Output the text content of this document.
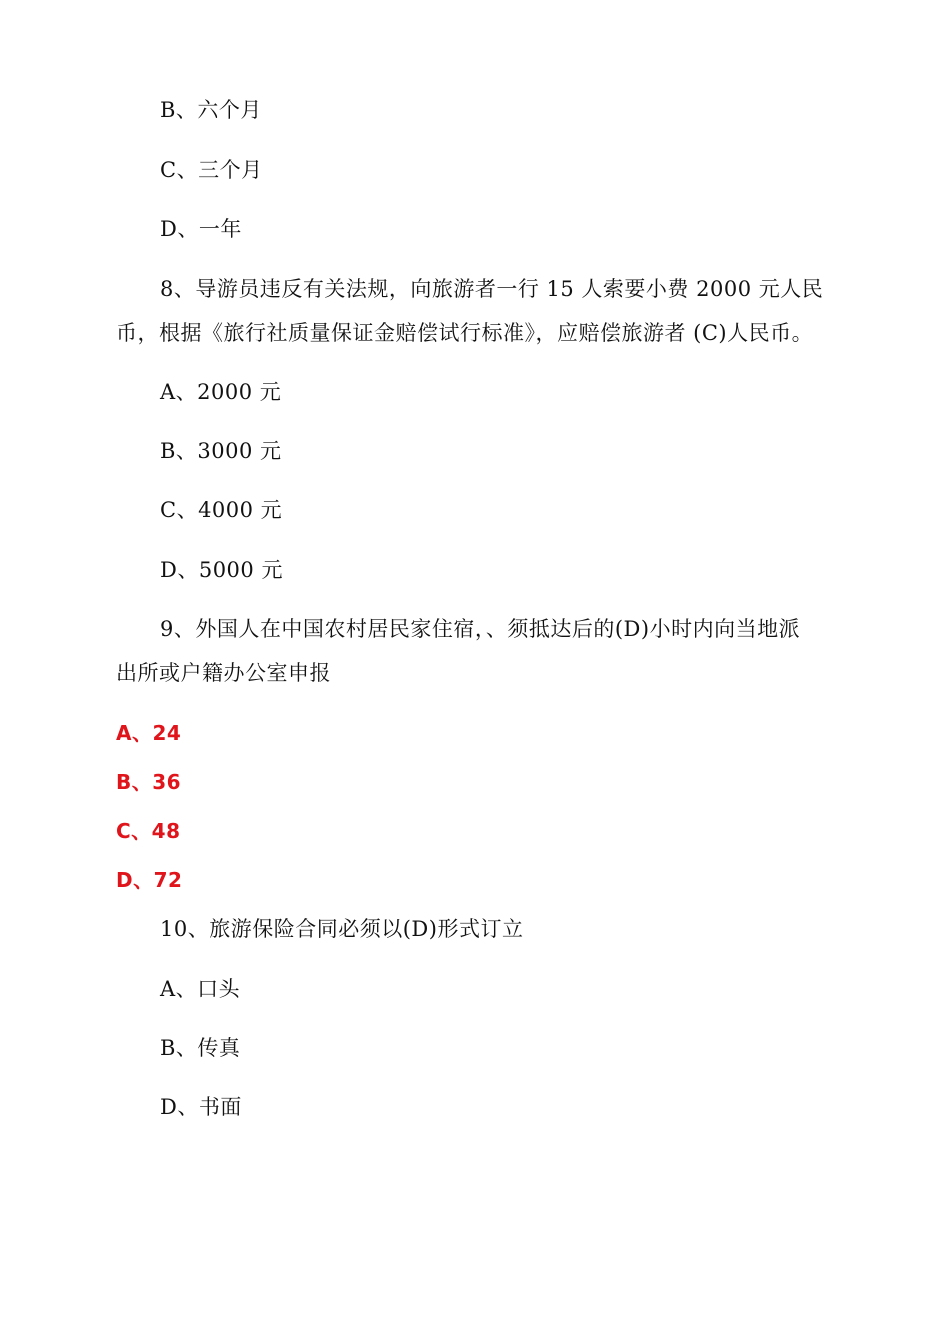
B、六个月
C、三个月
D、一年
8、导游员违反有关法规，向旅游者一行 15 人索要小费 2000 元人民
币，根据《旅行社质量保证金赔偿试行标准》，应赔偿旅游者 (C)人民币。
A、2000 元
B、3000 元
C、4000 元
D、5000 元
9、外国人在中国农村居民家住宿，、须抵达后的(D)小时内向当地派
出所或户籍办公室申报
A、24
B、36
C、48
D、72
10、旅游保险合同必须以(D)形式订立
A、口头
B、传真
D、书面
